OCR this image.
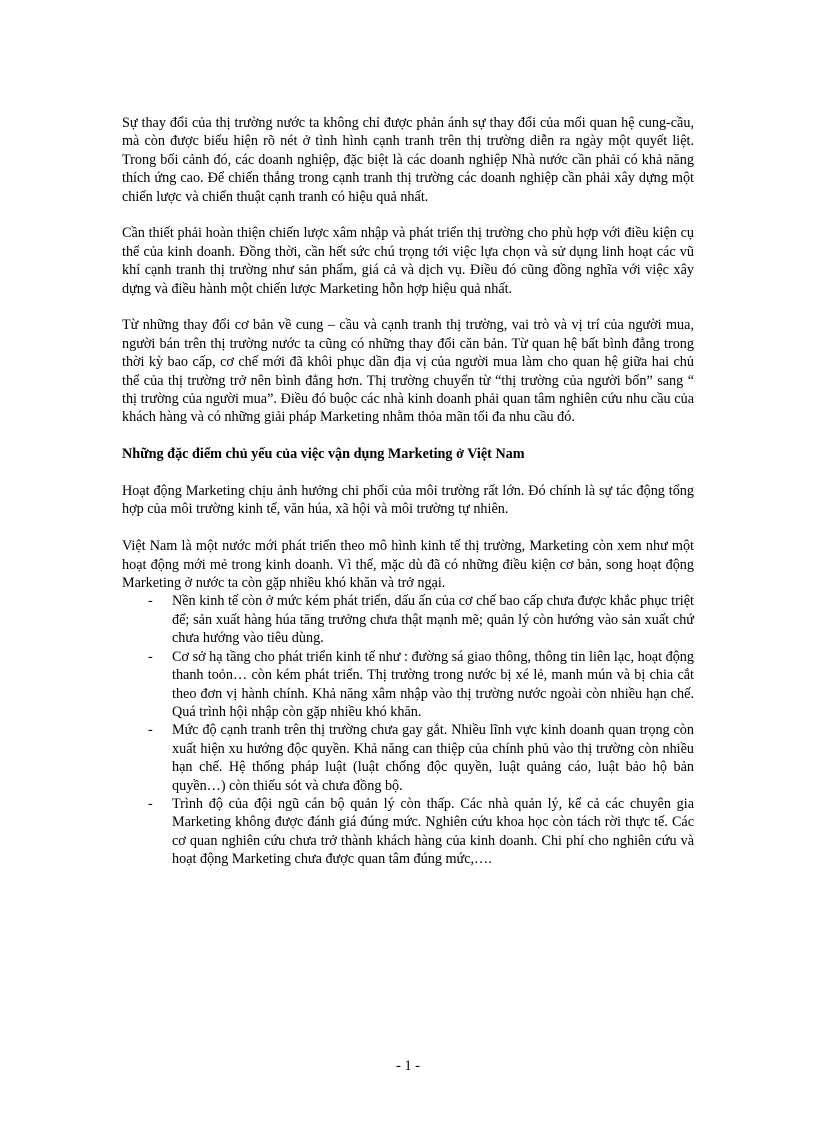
Sự thay đổi của thị trường nước ta không chỉ được phản ánh sự thay đổi của mối quan hệ cung-cầu, mà còn được biểu hiện rõ nét ở tình hình cạnh tranh trên thị trường diễn ra ngày một quyết liệt. Trong bối cảnh đó, các doanh nghiệp, đặc biệt là các doanh nghiệp Nhà nước cần phải có khả năng thích ứng cao. Để chiến thắng trong cạnh tranh thị trường các doanh nghiệp cần phải xây dựng một chiến lược và chiến thuật cạnh tranh có hiệu quả nhất.

Cần thiết phải hoàn thiện chiến lược xâm nhập và phát triển thị trường cho phù hợp với điều kiện cụ thể của kinh doanh. Đồng thời, cần hết sức chú trọng tới việc lựa chọn và sử dụng linh hoạt các vũ khí cạnh tranh thị trường như sản phẩm, giá cả và dịch vụ. Điều đó cũng đồng nghĩa với việc xây dựng và điều hành một chiến lược Marketing hỗn hợp hiệu quả nhất.

Từ những thay đổi cơ bản về cung – cầu và cạnh tranh thị trường, vai trò và vị trí của người mua, người bán trên thị trường nước ta cũng có những thay đổi căn bản. Từ quan hệ bất bình đẳng trong thời kỳ bao cấp, cơ chế mới đã khôi phục dần địa vị của người mua làm cho quan hệ giữa hai chủ thể của thị trường trở nên bình đẳng hơn. Thị trường chuyển từ “thị trường của người bốn” sang “ thị trường của người mua”. Điều đó buộc các nhà kinh doanh phải quan tâm nghiên cứu nhu cầu của khách hàng và có những giải pháp Marketing nhằm thỏa mãn tối đa nhu cầu đó.

Những đặc điểm chủ yếu của việc vận dụng Marketing ở Việt Nam

Hoạt động Marketing chịu ảnh hưởng chi phối của môi trường rất lớn. Đó chính là sự tác động tổng hợp của môi trường kinh tế, văn húa, xã hội và môi trường tự nhiên.

Việt Nam là một nước mới phát triển theo mô hình kinh tế thị trường, Marketing còn xem như một hoạt động mới mẻ trong kinh doanh. Vì thế, mặc dù đã có những điều kiện cơ bản, song hoạt động Marketing ở nước ta còn gặp nhiều khó khăn và trở ngại.

- Nền kinh tế còn ở mức kém phát triển, dấu ấn của cơ chế bao cấp chưa được khắc phục triệt để; sản xuất hàng húa tăng trưởng chưa thật mạnh mẽ; quản lý còn hướng vào sản xuất chứ chưa hướng vào tiêu dùng.
- Cơ sở hạ tầng cho phát triển kinh tế như : đường sá giao thông, thông tin liên lạc, hoạt động thanh toỏn… còn kém phát triển. Thị trường trong nước bị xé lẻ, manh mún và bị chia cắt theo đơn vị hành chính. Khả năng xâm nhập vào thị trường nước ngoài còn nhiều hạn chế. Quá trình hội nhập còn gặp nhiều khó khăn.
- Mức độ cạnh tranh trên thị trường chưa gay gắt. Nhiều lĩnh vực kinh doanh quan trọng còn xuất hiện xu hướng độc quyền. Khả năng can thiệp của chính phủ vào thị trường còn nhiều hạn chế. Hệ thống pháp luật (luật chống độc quyền, luật quảng cáo, luật bảo hộ bản quyền…) còn thiếu sót và chưa đồng bộ.
- Trình độ của đội ngũ cán bộ quản lý còn thấp. Các nhà quản lý, kể cả các chuyên gia Marketing không được đánh giá đúng mức. Nghiên cứu khoa học còn tách rời thực tế. Các cơ quan nghiên cứu chưa trở thành khách hàng của kinh doanh. Chi phí cho nghiên cứu và hoạt động Marketing chưa được quan tâm đúng mức,….
- 1 -
